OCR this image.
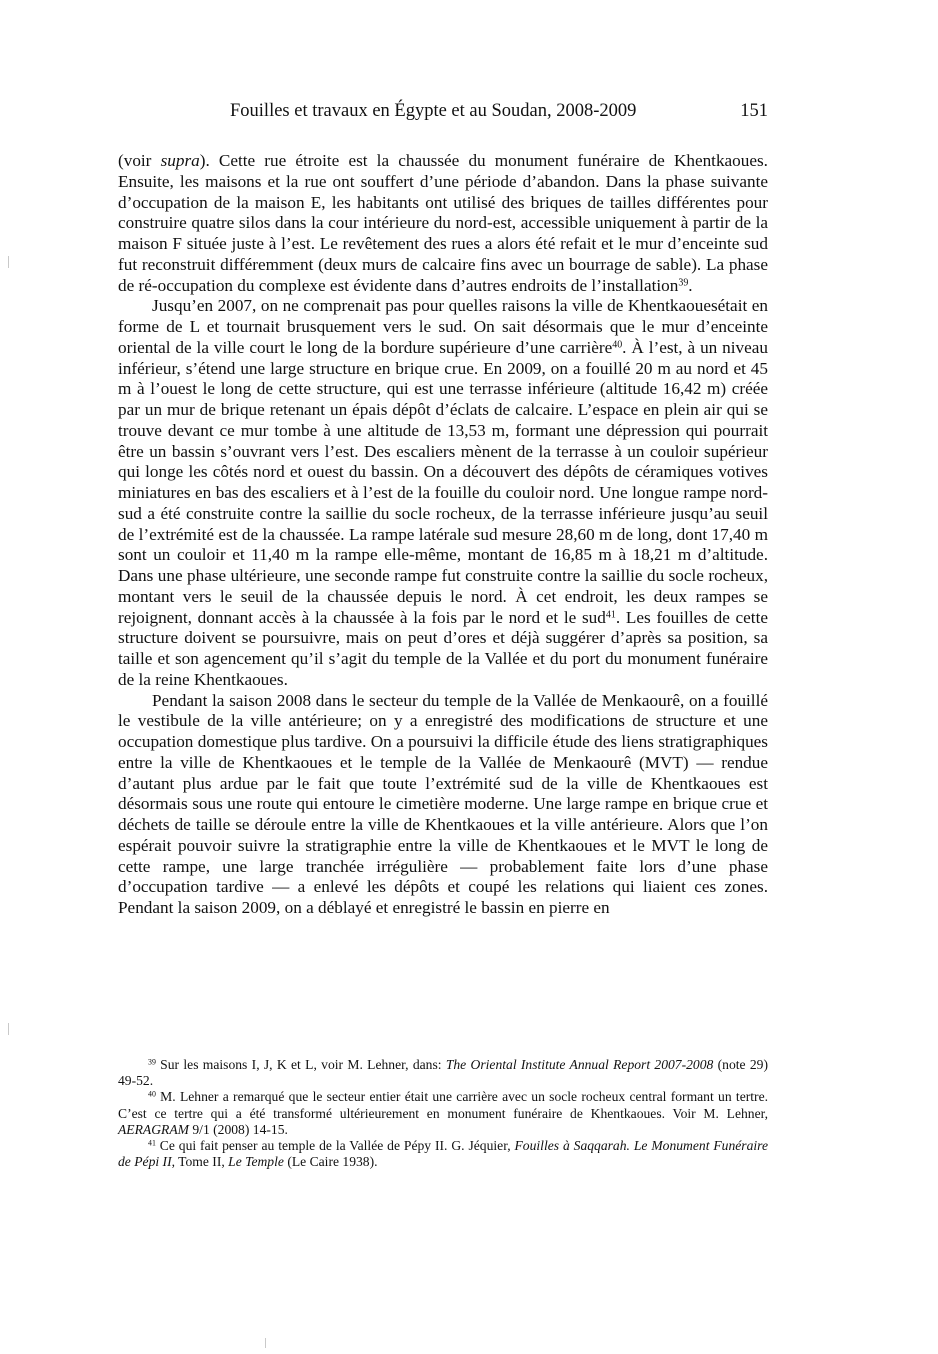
Fouilles et travaux en Égypte et au Soudan, 2008-2009	151

(voir supra). Cette rue étroite est la chaussée du monument funéraire de Khentkaoues. Ensuite, les maisons et la rue ont souffert d’une période d’abandon. Dans la phase suivante d’occupation de la maison E, les habitants ont utilisé des briques de tailles différentes pour construire quatre silos dans la cour intérieure du nord-est, accessible uniquement à partir de la maison F située juste à l’est. Le revêtement des rues a alors été refait et le mur d’enceinte sud fut reconstruit différemment (deux murs de calcaire fins avec un bourrage de sable). La phase de ré-occupation du complexe est évidente dans d’autres endroits de l’installation$^{39}$.

Jusqu’en 2007, on ne comprenait pas pour quelles raisons la ville de Khentkaouesétait en forme de L et tournait brusquement vers le sud. On sait désormais que le mur d’enceinte oriental de la ville court le long de la bordure supérieure d’une carrière$^{40}$. À l’est, à un niveau inférieur, s’étend une large structure en brique crue. En 2009, on a fouillé 20 m au nord et 45 m à l’ouest le long de cette structure, qui est une terrasse inférieure (altitude 16,42 m) créée par un mur de brique retenant un épais dépôt d’éclats de calcaire. L’espace en plein air qui se trouve devant ce mur tombe à une altitude de 13,53 m, formant une dépression qui pourrait être un bassin s’ouvrant vers l’est. Des escaliers mènent de la terrasse à un couloir supérieur qui longe les côtés nord et ouest du bassin. On a découvert des dépôts de céramiques votives miniatures en bas des escaliers et à l’est de la fouille du couloir nord. Une longue rampe nord-sud a été construite contre la saillie du socle rocheux, de la terrasse inférieure jusqu’au seuil de l’extrémité est de la chaussée. La rampe latérale sud mesure 28,60 m de long, dont 17,40 m sont un couloir et 11,40 m la rampe elle-même, montant de 16,85 m à 18,21 m d’altitude. Dans une phase ultérieure, une seconde rampe fut construite contre la saillie du socle rocheux, montant vers le seuil de la chaussée depuis le nord. À cet endroit, les deux rampes se rejoignent, donnant accès à la chaussée à la fois par le nord et le sud$^{41}$. Les fouilles de cette structure doivent se poursuivre, mais on peut d’ores et déjà suggérer d’après sa position, sa taille et son agencement qu’il s’agit du temple de la Vallée et du port du monument funéraire de la reine Khentkaoues.

Pendant la saison 2008 dans le secteur du temple de la Vallée de Menkaourê, on a fouillé le vestibule de la ville antérieure; on y a enregistré des modifications de structure et une occupation domestique plus tardive. On a poursuivi la difficile étude des liens stratigraphiques entre la ville de Khentkaoues et le temple de la Vallée de Menkaourê (MVT) — rendue d’autant plus ardue par le fait que toute l’extrémité sud de la ville de Khentkaoues est désormais sous une route qui entoure le cimetière moderne. Une large rampe en brique crue et déchets de taille se déroule entre la ville de Khentkaoues et la ville antérieure. Alors que l’on espérait pouvoir suivre la stratigraphie entre la ville de Khentkaoues et le MVT le long de cette rampe, une large tranchée irrégulière — probablement faite lors d’une phase d’occupation tardive — a enlevé les dépôts et coupé les relations qui liaient ces zones. Pendant la saison 2009, on a déblayé et enregistré le bassin en pierre en

$^{39}$ Sur les maisons I, J, K et L, voir M. Lehner, dans: The Oriental Institute Annual Report 2007-2008 (note 29) 49-52.

$^{40}$ M. Lehner a remarqué que le secteur entier était une carrière avec un socle rocheux central formant un tertre. C’est ce tertre qui a été transformé ultérieurement en monument funéraire de Khentkaoues. Voir M. Lehner, AERAGRAM 9/1 (2008) 14-15.

$^{41}$ Ce qui fait penser au temple de la Vallée de Pépy II. G. Jéquier, Fouilles à Saqqarah. Le Monument Funéraire de Pépi II, Tome II, Le Temple (Le Caire 1938).
